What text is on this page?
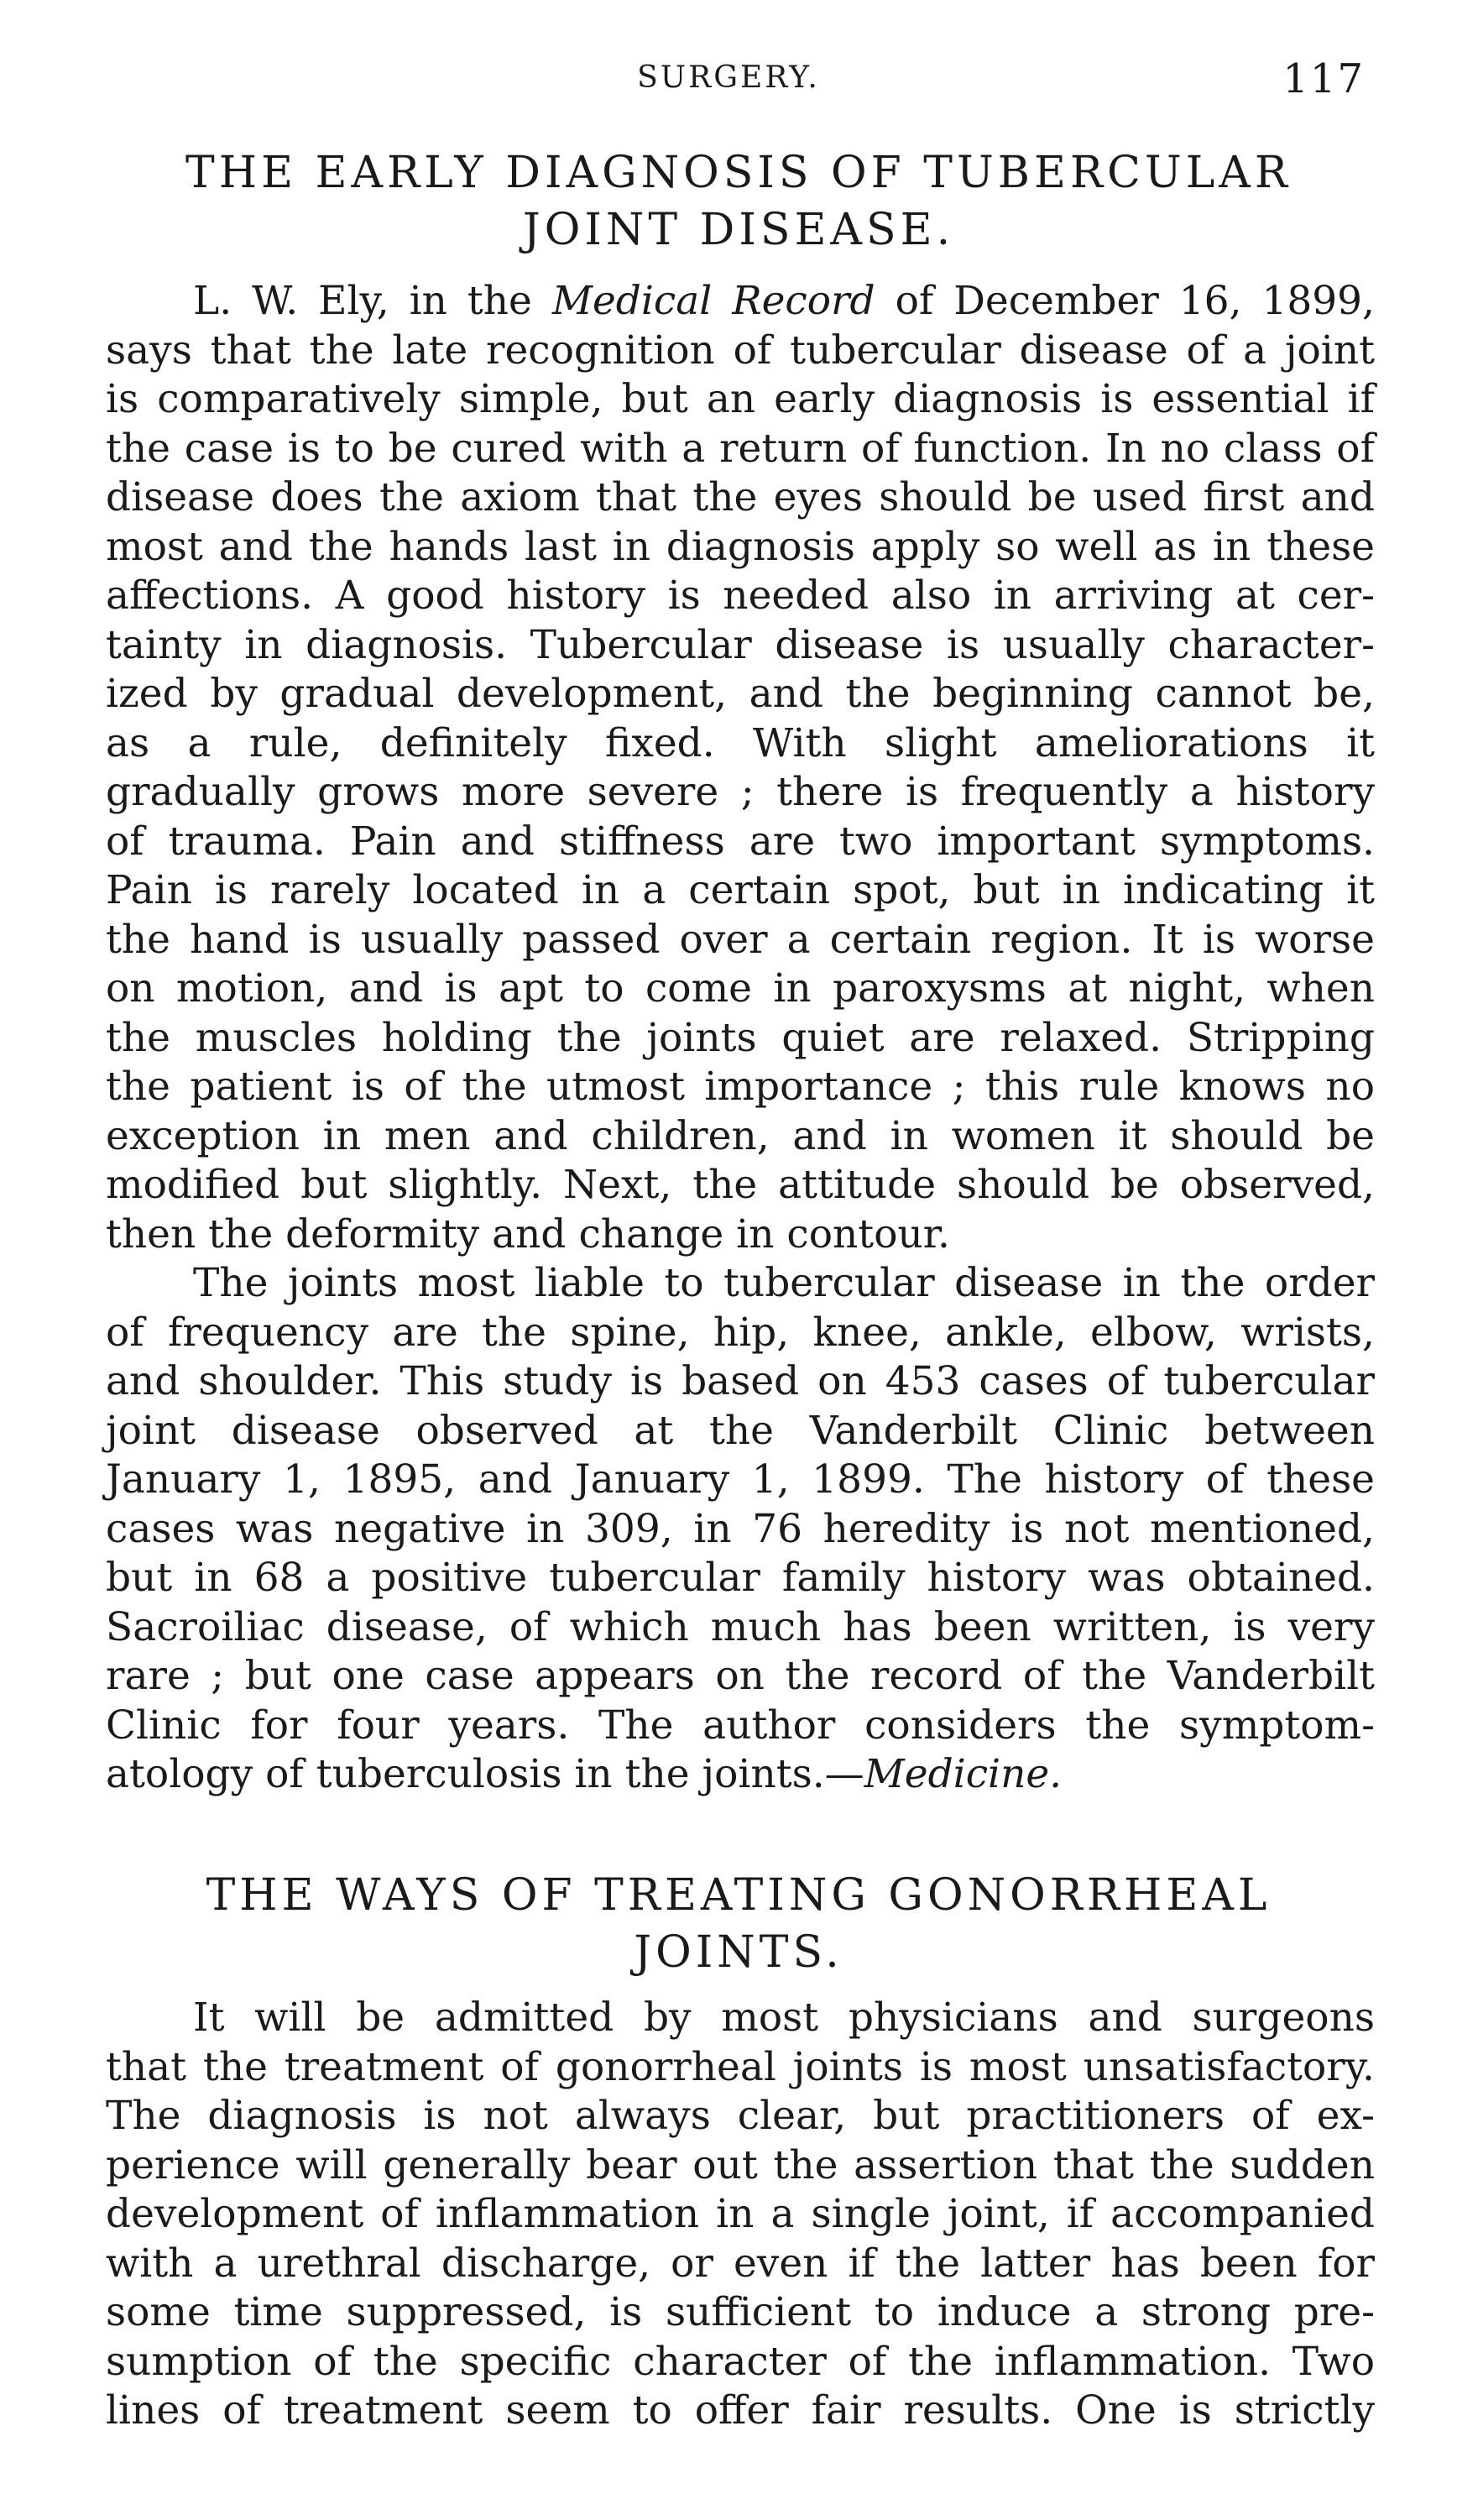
SURGERY.	117
THE EARLY DIAGNOSIS OF TUBERCULAR
JOINT DISEASE.
L. W. Ely, in the Medical Record of December 16, 1899,
says that the late recognition of tubercular disease of a joint
is comparatively simple, but an early diagnosis is essential if
the case is to be cured with a return of function. In no class of
disease does the axiom that the eyes should be used first and
most and the hands last in diagnosis apply so well as in these
affections. A good history is needed also in arriving at cer-
tainty in diagnosis. Tubercular disease is usually character-
ized by gradual development, and the beginning cannot be,
as a rule, definitely fixed. With slight ameliorations it
gradually grows more severe ; there is frequently a history
of trauma. Pain and stiffness are two important symptoms.
Pain is rarely located in a certain spot, but in indicating it
the hand is usually passed over a certain region. It is worse
on motion, and is apt to come in paroxysms at night, when
the muscles holding the joints quiet are relaxed. Stripping
the patient is of the utmost importance ; this rule knows no
exception in men and children, and in women it should be
modified but slightly. Next, the attitude should be observed,
then the deformity and change in contour.
The joints most liable to tubercular disease in the order
of frequency are the spine, hip, knee, ankle, elbow, wrists,
and shoulder. This study is based on 453 cases of tubercular
joint disease observed at the Vanderbilt Clinic between
January 1, 1895, and January 1, 1899. The history of these
cases was negative in 309, in 76 heredity is not mentioned,
but in 68 a positive tubercular family history was obtained.
Sacroiliac disease, of which much has been written, is very
rare ; but one case appears on the record of the Vanderbilt
Clinic for four years. The author considers the symptom-
atology of tuberculosis in the joints.—Medicine.
THE WAYS OF TREATING GONORRHEAL
JOINTS.
It will be admitted by most physicians and surgeons
that the treatment of gonorrheal joints is most unsatisfactory.
The diagnosis is not always clear, but practitioners of ex-
perience will generally bear out the assertion that the sudden
development of inflammation in a single joint, if accompanied
with a urethral discharge, or even if the latter has been for
some time suppressed, is sufficient to induce a strong pre-
sumption of the specific character of the inflammation. Two
lines of treatment seem to offer fair results. One is strictly
